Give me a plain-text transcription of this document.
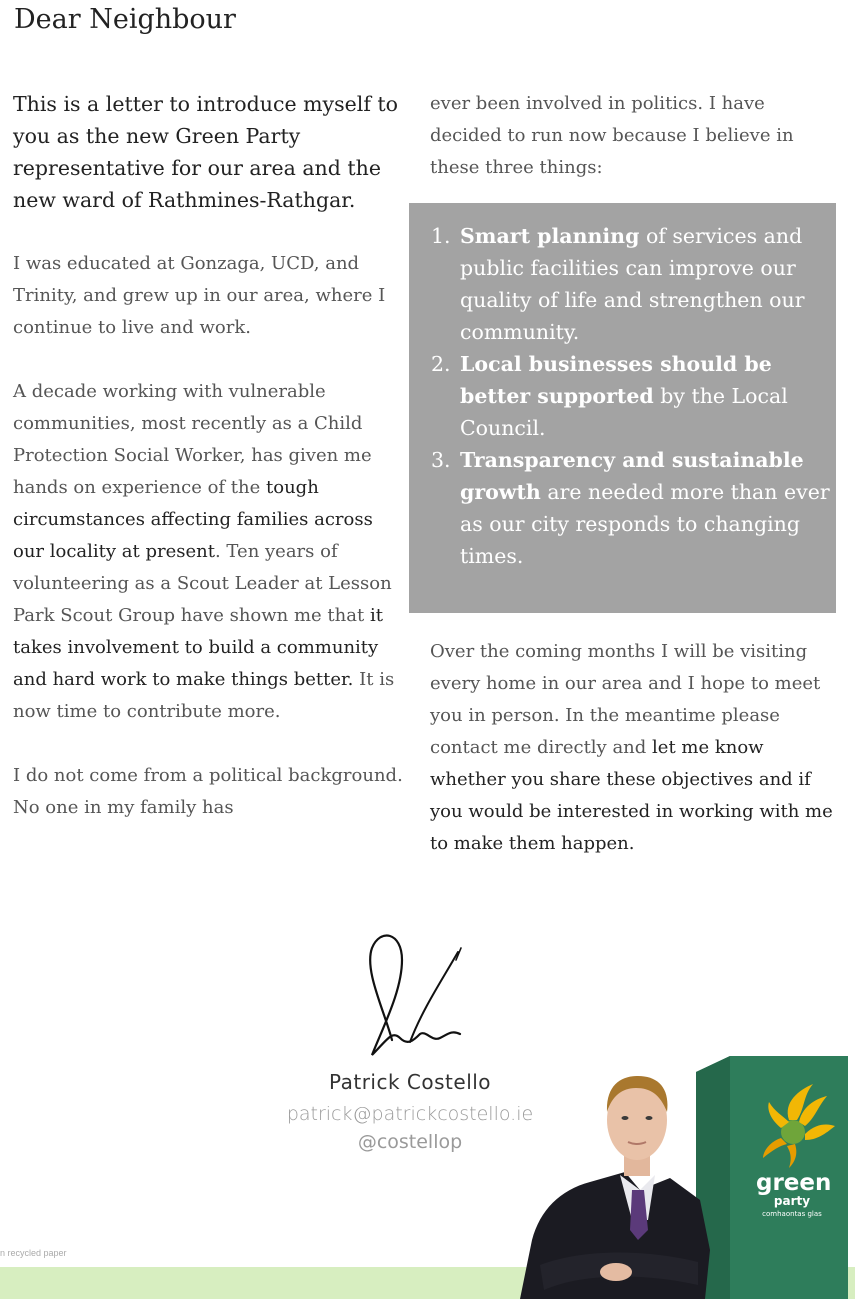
Dear Neighbour

This is a letter to introduce myself to you as the new Green Party representative for our area and the new ward of Rathmines-Rathgar.

I was educated at Gonzaga, UCD, and Trinity, and grew up in our area, where I continue to live and work.

A decade working with vulnerable communities, most recently as a Child Protection Social Worker, has given me hands on experience of the tough circumstances affecting families across our locality at present. Ten years of volunteering as a Scout Leader at Lesson Park Scout Group have shown me that it takes involvement to build a community and hard work to make things better. It is now time to contribute more.

I do not come from a political background. No one in my family has

ever been involved in politics. I have decided to run now because I believe in these three things:

1. Smart planning of services and public facilities can improve our quality of life and strengthen our community.
2. Local businesses should be better supported by the Local Council.
3. Transparency and sustainable growth are needed more than ever as our city responds to changing times.

Over the coming months I will be visiting every home in our area and I hope to meet you in person. In the meantime please contact me directly and let me know whether you share these objectives and if you would be interested in working with me to make them happen.

Patrick Costello
patrick@patrickcostello.ie
@costellop
n recycled paper
green
party
comhaontas glas
